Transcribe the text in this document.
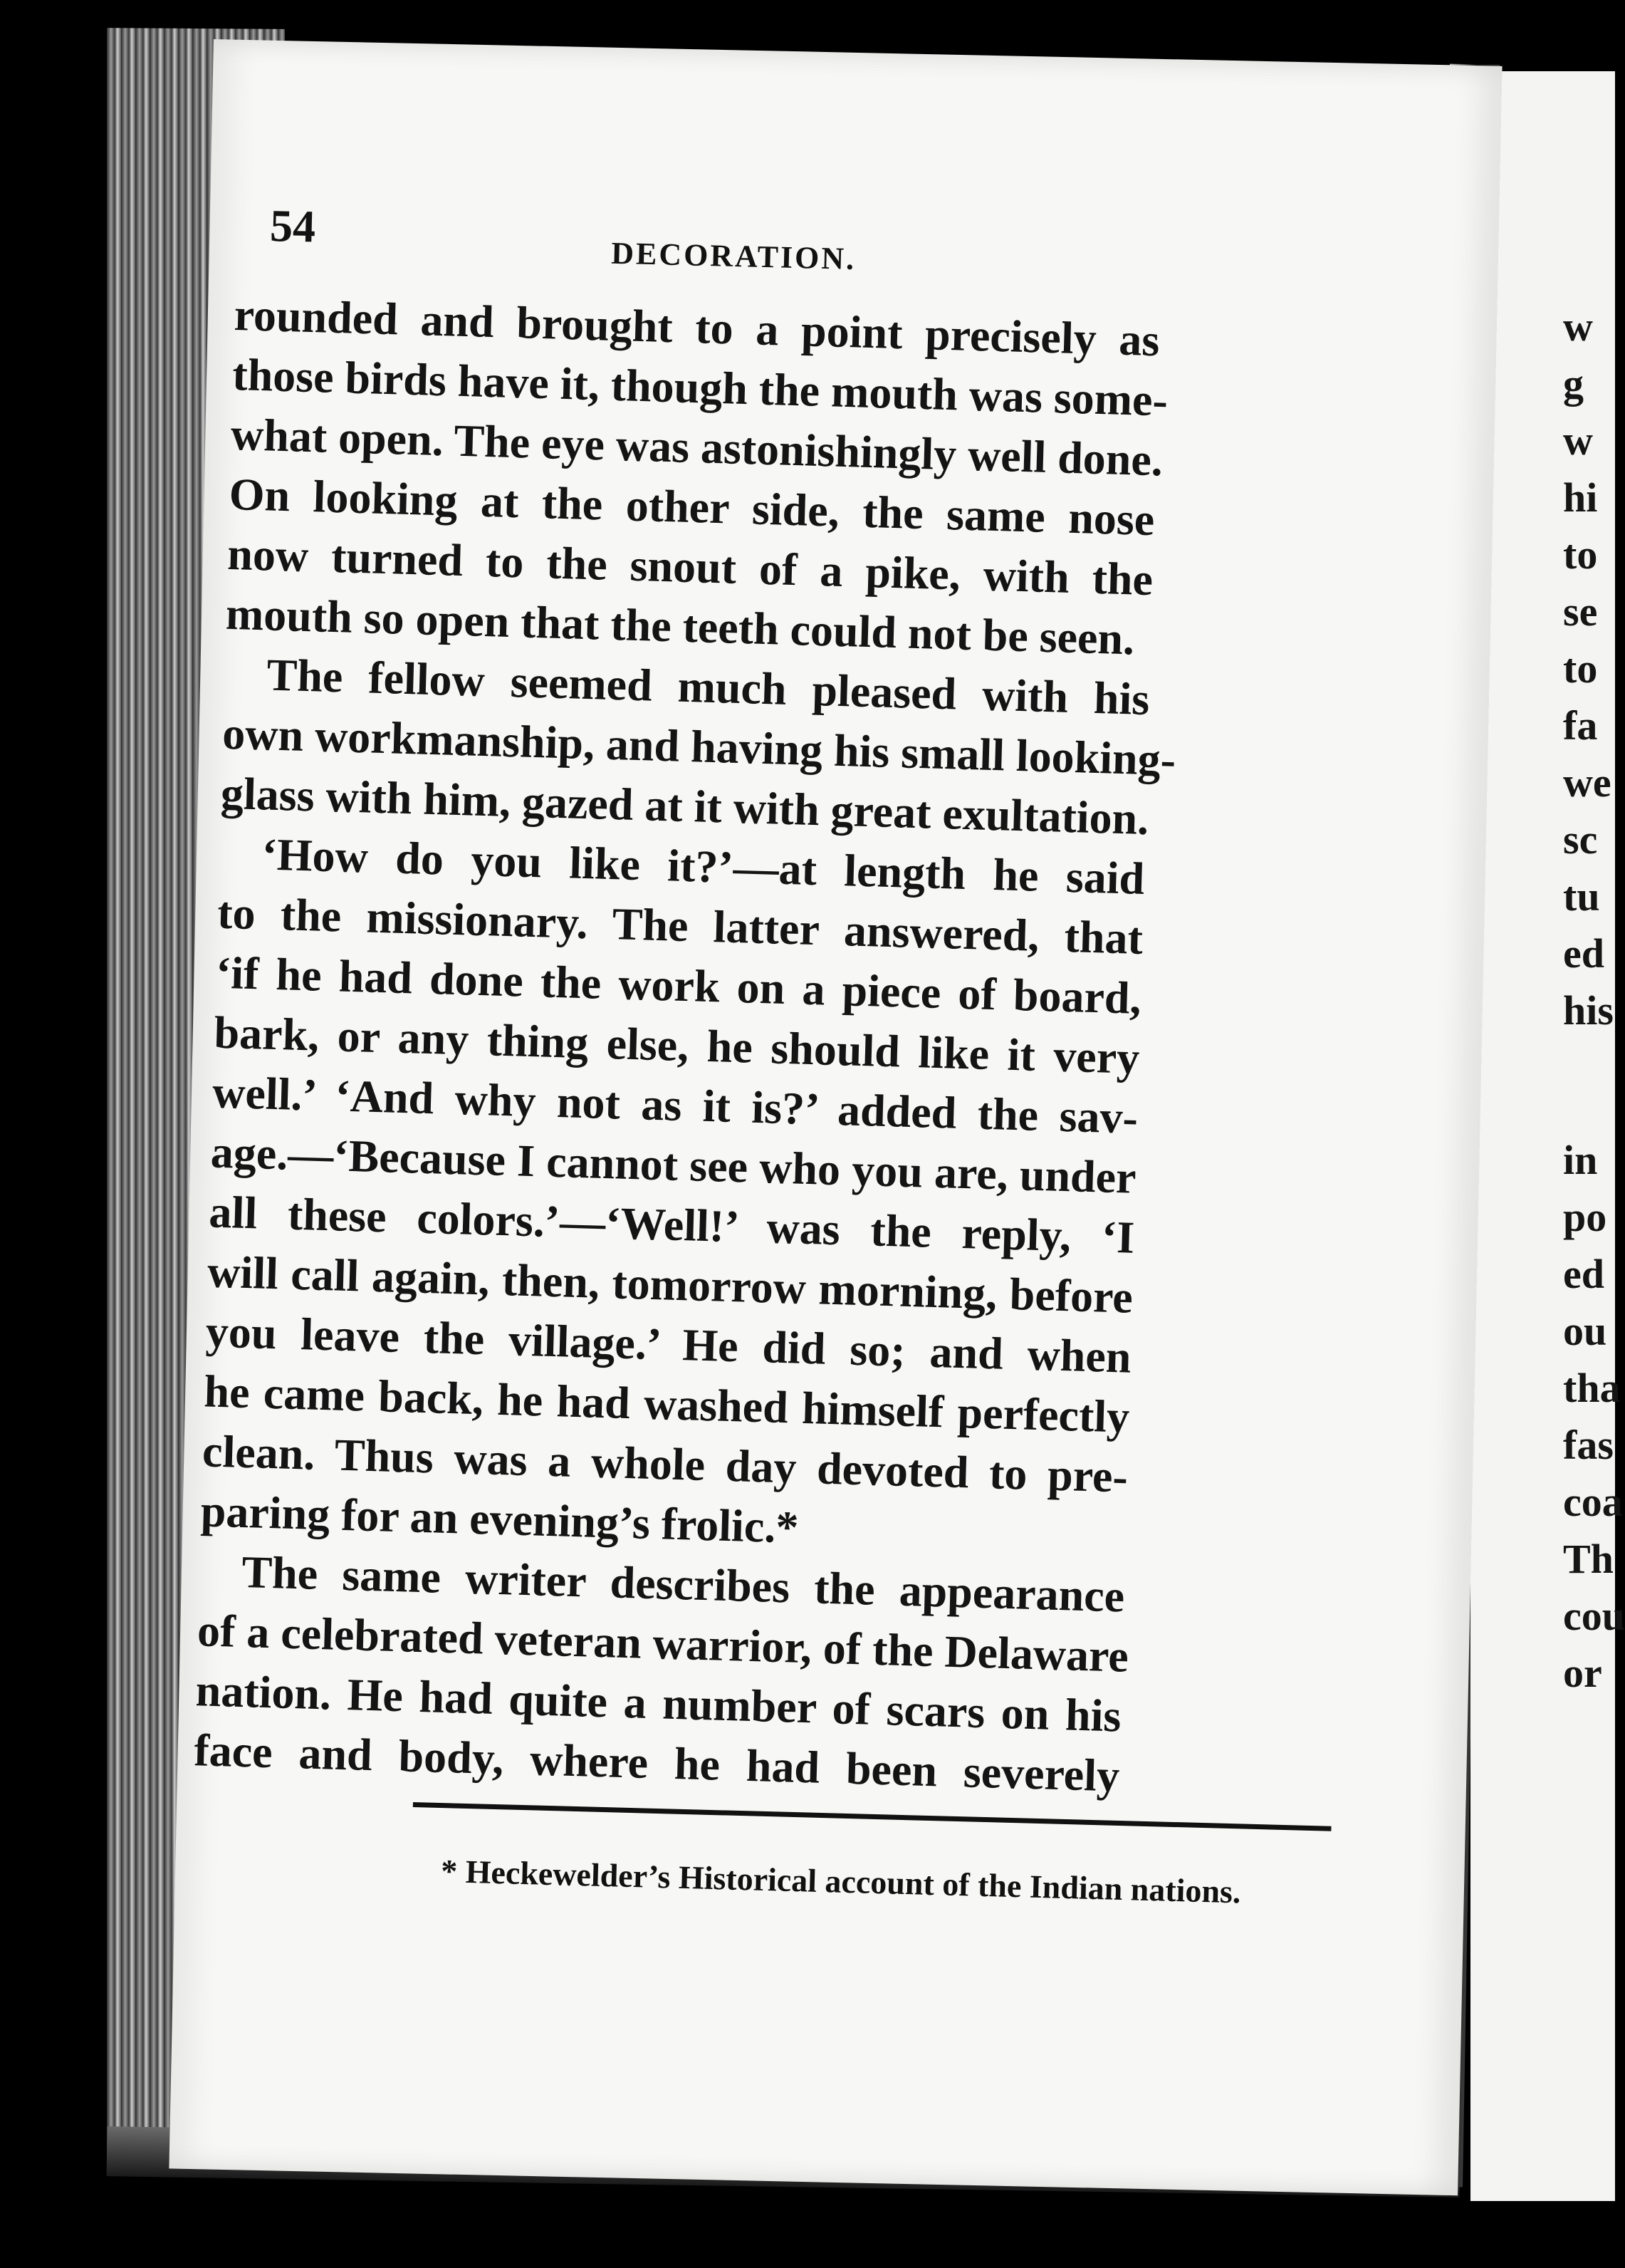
w
g
w
hi
to
se
to
fa
we
sc
tu
ed
his
in
po
ed
ou
tha
fas
coa
Th
cou
or
54
DECORATION.
rounded and brought to a point precisely as
those birds have it, though the mouth was some-
what open. The eye was astonishingly well done.
On looking at the other side, the same nose
now turned to the snout of a pike, with the
mouth so open that the teeth could not be seen.
The fellow seemed much pleased with his
own workmanship, and having his small looking-
glass with him, gazed at it with great exultation.
‘How do you like it?’—at length he said
to the missionary. The latter answered, that
‘if he had done the work on a piece of board,
bark, or any thing else, he should like it very
well.’ ‘And why not as it is?’ added the sav-
age.—‘Because I cannot see who you are, under
all these colors.’—‘Well!’ was the reply, ‘I
will call again, then, tomorrow morning, before
you leave the village.’ He did so; and when
he came back, he had washed himself perfectly
clean. Thus was a whole day devoted to pre-
paring for an evening’s frolic.*
The same writer describes the appearance
of a celebrated veteran warrior, of the Delaware
nation. He had quite a number of scars on his
face and body, where he had been severely
* Heckewelder’s Historical account of the Indian nations.
